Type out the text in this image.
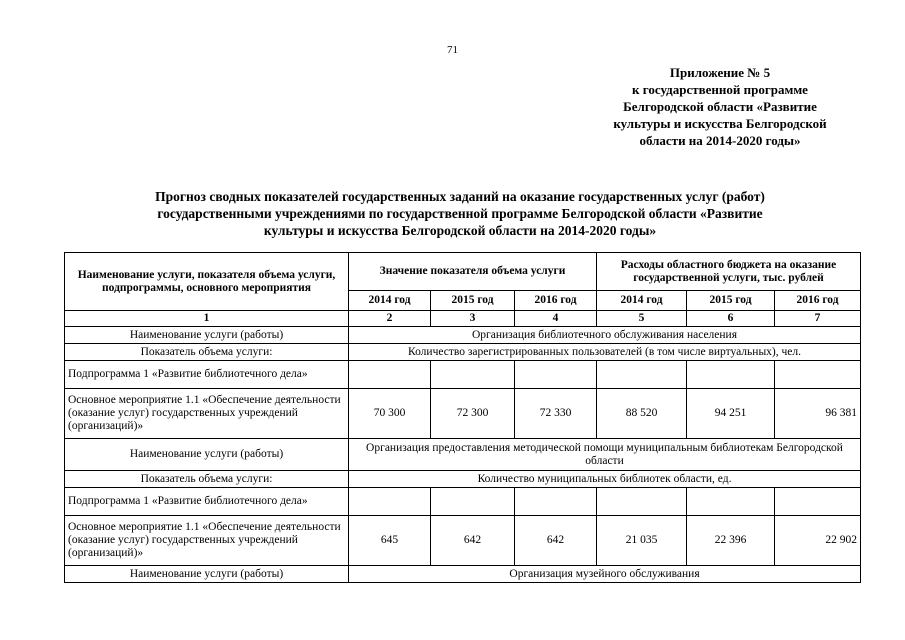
71
Приложение № 5
к государственной программе
Белгородской области «Развитие
культуры и искусства Белгородской
области на 2014-2020 годы»
Прогноз сводных показателей государственных заданий на оказание государственных услуг (работ)
государственными учреждениями по государственной программе Белгородской области «Развитие
культуры и искусства Белгородской области на 2014-2020 годы»
Наименование услуги, показателя объема услуги, подпрограммы, основного мероприятия	Значение показателя объема услуги			Расходы областного бюджета на оказание государственной услуги, тыс. рублей		
	2014 год	2015 год	2016 год	2014 год	2015 год	2016 год
1	2	3	4	5	6	7
Наименование услуги (работы)	Организация библиотечного обслуживания населения					
Показатель объема услуги:	Количество зарегистрированных пользователей (в том числе виртуальных), чел.					
Подпрограмма 1 «Развитие библиотечного дела»						
Основное мероприятие 1.1 «Обеспечение деятельности (оказание услуг) государственных учреждений (организаций)»	70 300	72 300	72 330	88 520	94 251	96 381
Наименование услуги (работы)	Организация предоставления методической помощи муниципальным библиотекам Белгородской области					
Показатель объема услуги:	Количество муниципальных библиотек области, ед.					
Подпрограмма 1 «Развитие библиотечного дела»						
Основное мероприятие 1.1 «Обеспечение деятельности (оказание услуг) государственных учреждений (организаций)»	645	642	642	21 035	22 396	22 902
Наименование услуги (работы)	Организация музейного обслуживания					
